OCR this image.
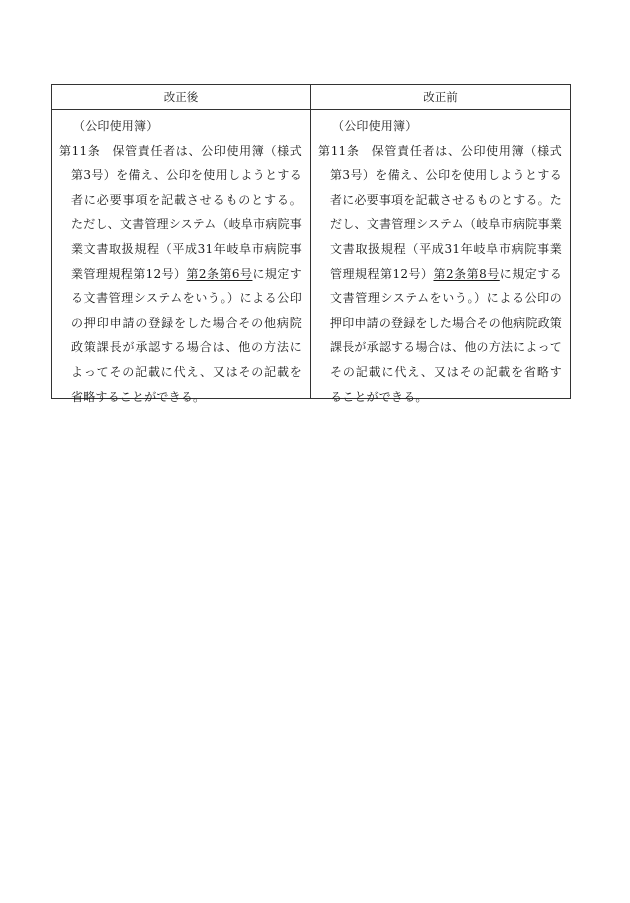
改正後
（公印使用簿）
第11条 保管責任者は、公印使用簿（様式第3号）を備え、公印を使用しようとする者に必要事項を記載させるものとする。ただし、文書管理システム（岐阜市病院事業文書取扱規程（平成31年岐阜市病院事業管理規程第12号）第2条第6号に規定する文書管理システムをいう。）による公印の押印申請の登録をした場合その他病院政策課長が承認する場合は、他の方法によってその記載に代え、又はその記載を省略することができる。
改正前
（公印使用簿）
第11条 保管責任者は、公印使用簿（様式第3号）を備え、公印を使用しようとする者に必要事項を記載させるものとする。ただし、文書管理システム（岐阜市病院事業文書取扱規程（平成31年岐阜市病院事業管理規程第12号）第2条第8号に規定する文書管理システムをいう。）による公印の押印申請の登録をした場合その他病院政策課長が承認する場合は、他の方法によってその記載に代え、又はその記載を省略することができる。
